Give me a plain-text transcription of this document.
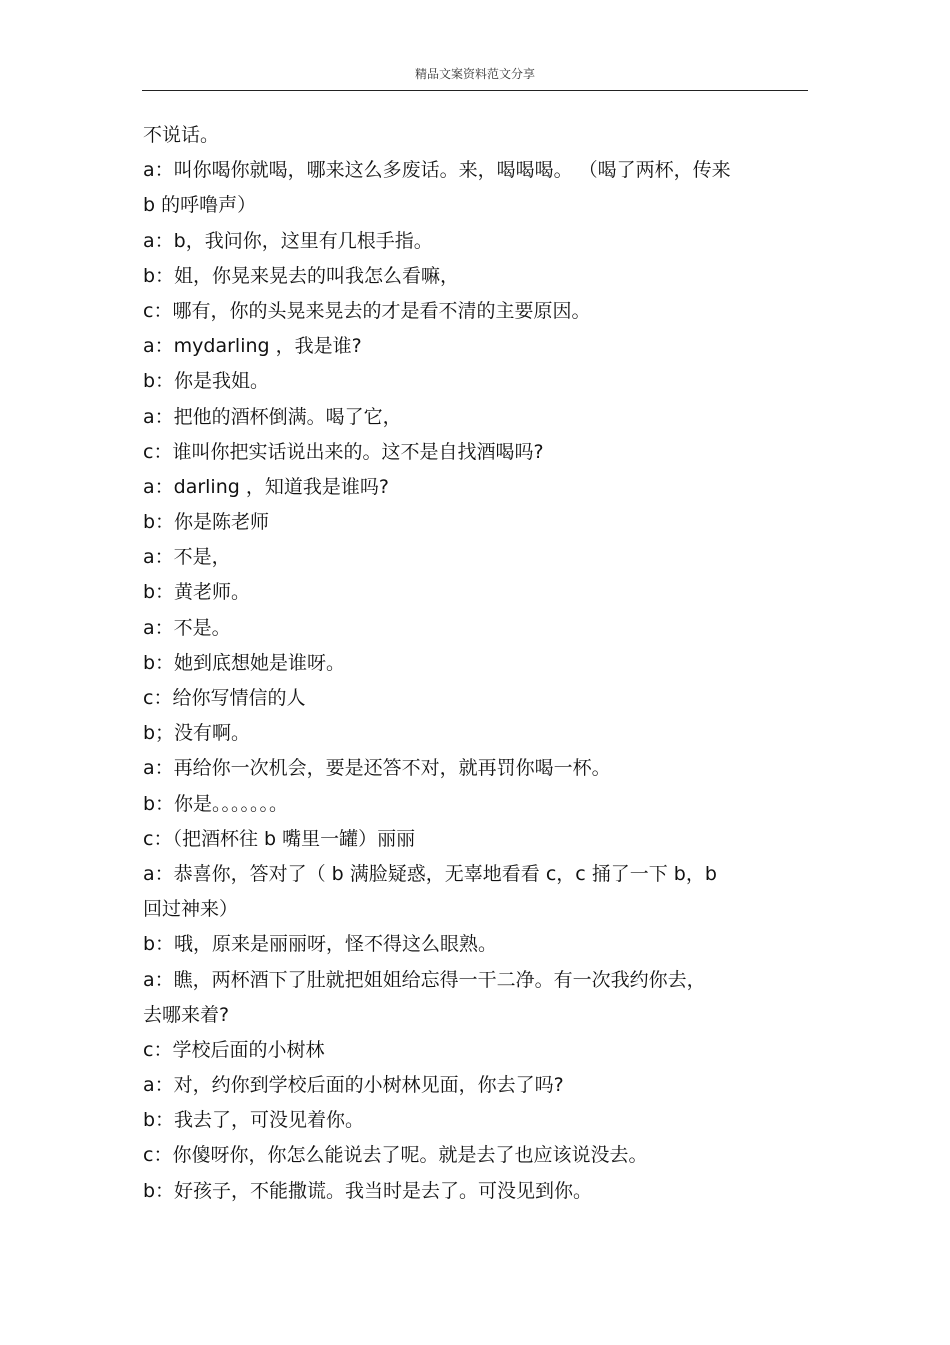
精品文案资料范文分享
不说话。
a：叫你喝你就喝，哪来这么多废话。来，喝喝喝。 （喝了两杯，传来
b 的呼噜声）
a：b，我问你，这里有几根手指。
b：姐，你晃来晃去的叫我怎么看嘛，
c：哪有，你的头晃来晃去的才是看不清的主要原因。
a：mydarling ，我是谁?
b：你是我姐。
a：把他的酒杯倒满。喝了它，
c：谁叫你把实话说出来的。这不是自找酒喝吗?
a：darling ，知道我是谁吗?
b：你是陈老师
a：不是，
b：黄老师。
a：不是。
b：她到底想她是谁呀。
c：给你写情信的人
b；没有啊。
a：再给你一次机会，要是还答不对，就再罚你喝一杯。
b：你是。。。。。。。
c：（把酒杯往 b 嘴里一罐）丽丽
a：恭喜你，答对了（ b 满脸疑惑，无辜地看看 c，c 捅了一下 b，b
回过神来）
b：哦，原来是丽丽呀，怪不得这么眼熟。
a：瞧，两杯酒下了肚就把姐姐给忘得一干二净。有一次我约你去，
去哪来着?
c：学校后面的小树林
a：对，约你到学校后面的小树林见面，你去了吗?
b：我去了，可没见着你。
c：你傻呀你，你怎么能说去了呢。就是去了也应该说没去。
b：好孩子，不能撒谎。我当时是去了。可没见到你。
